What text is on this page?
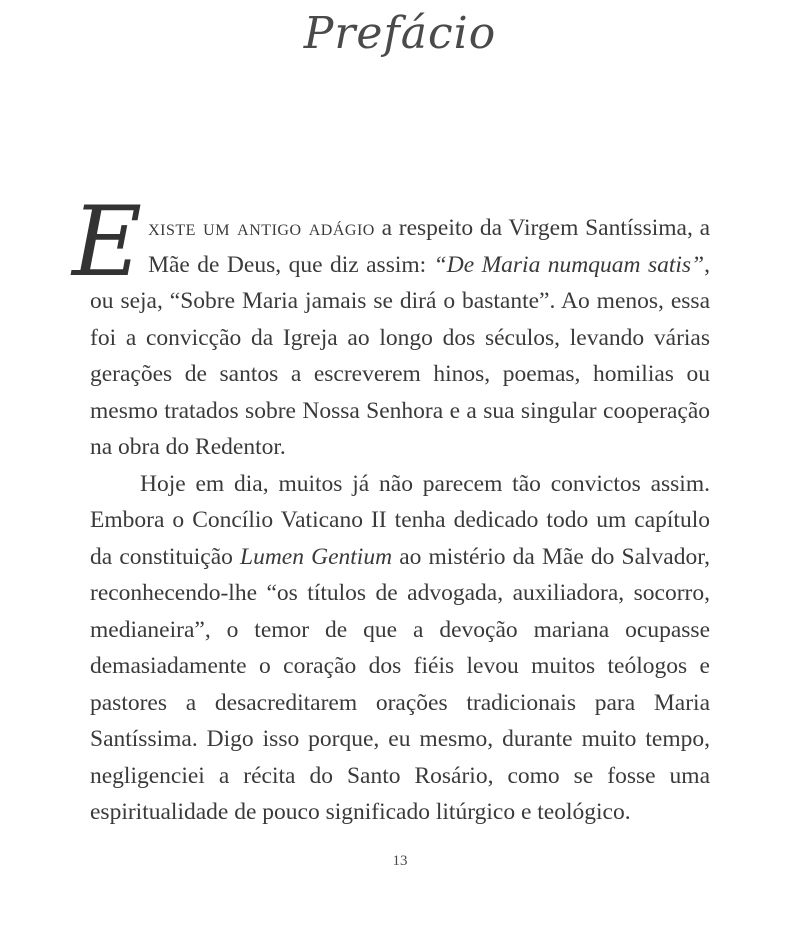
Prefácio

Existe um antigo adágio a respeito da Virgem Santíssima, a Mãe de Deus, que diz assim: “De Maria numquam satis”, ou seja, “Sobre Maria jamais se dirá o bastante”. Ao menos, essa foi a convicção da Igreja ao longo dos séculos, levando várias gerações de santos a escreverem hinos, poemas, homilias ou mesmo tratados sobre Nossa Senhora e a sua singular cooperação na obra do Redentor.

Hoje em dia, muitos já não parecem tão convictos assim. Embora o Concílio Vaticano II tenha dedicado todo um capítulo da constituição Lumen Gentium ao mistério da Mãe do Salvador, reconhecendo-lhe “os títulos de advogada, auxiliadora, socorro, medianeira”, o temor de que a devoção mariana ocupasse demasiadamente o coração dos fiéis levou muitos teólogos e pastores a desacreditarem orações tradicionais para Maria Santíssima. Digo isso porque, eu mesmo, durante muito tempo, negligenciei a récita do Santo Rosário, como se fosse uma espiritualidade de pouco significado litúrgico e teológico.

13
